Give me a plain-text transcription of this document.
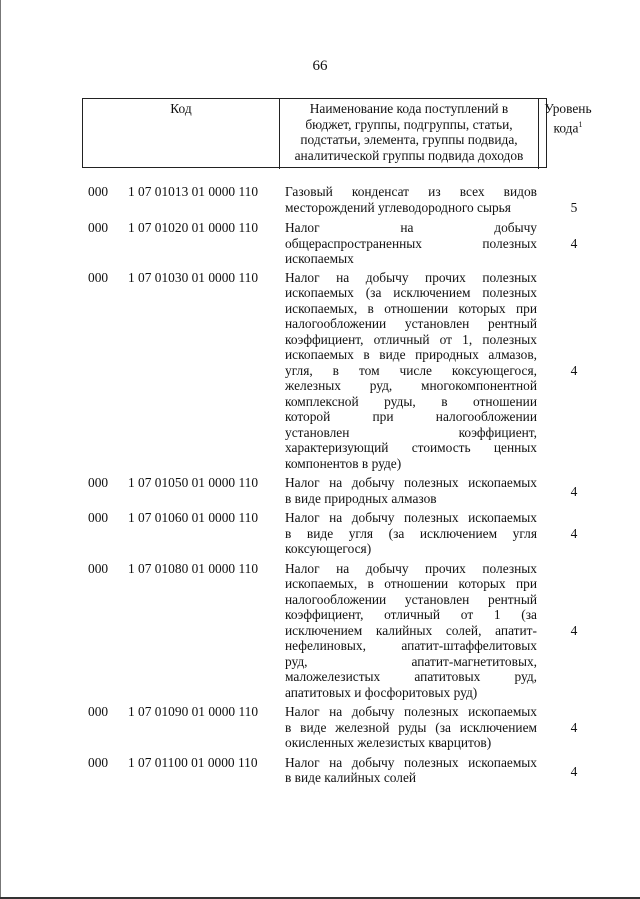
66
Код	Наименование кода поступлений в
бюджет, группы, подгруппы, статьи,
подстатьи, элемента, группы подвида,
аналитической группы подвида доходов
Уровень
кода$^1$
000 1 07 01013 01 0000 110
5
Газовый конденсат из всех видов
месторождений углеводородного сырья
000 1 07 01020 01 0000 110
4
Налог на добычу
общераспространенных полезных
ископаемых
000 1 07 01030 01 0000 110
4
Налог на добычу прочих полезных
ископаемых (за исключением полезных
ископаемых, в отношении которых при
налогообложении установлен рентный
коэффициент, отличный от 1, полезных
ископаемых в виде природных алмазов,
угля, в том числе коксующегося,
железных руд, многокомпонентной
комплексной руды, в отношении
которой при налогообложении
установлен коэффициент,
характеризующий стоимость ценных
компонентов в руде)
000 1 07 01050 01 0000 110
4
Налог на добычу полезных ископаемых
в виде природных алмазов
000 1 07 01060 01 0000 110
4
Налог на добычу полезных ископаемых
в виде угля (за исключением угля
коксующегося)
000 1 07 01080 01 0000 110
4
Налог на добычу прочих полезных
ископаемых, в отношении которых при
налогообложении установлен рентный
коэффициент, отличный от 1 (за
исключением калийных солей, апатит-
нефелиновых, апатит-штаффелитовых
руд, апатит-магнетитовых,
маложелезистых апатитовых руд,
апатитовых и фосфоритовых руд)
000 1 07 01090 01 0000 110
4
Налог на добычу полезных ископаемых
в виде железной руды (за исключением
окисленных железистых кварцитов)
000 1 07 01100 01 0000 110
4
Налог на добычу полезных ископаемых
в виде калийных солей
